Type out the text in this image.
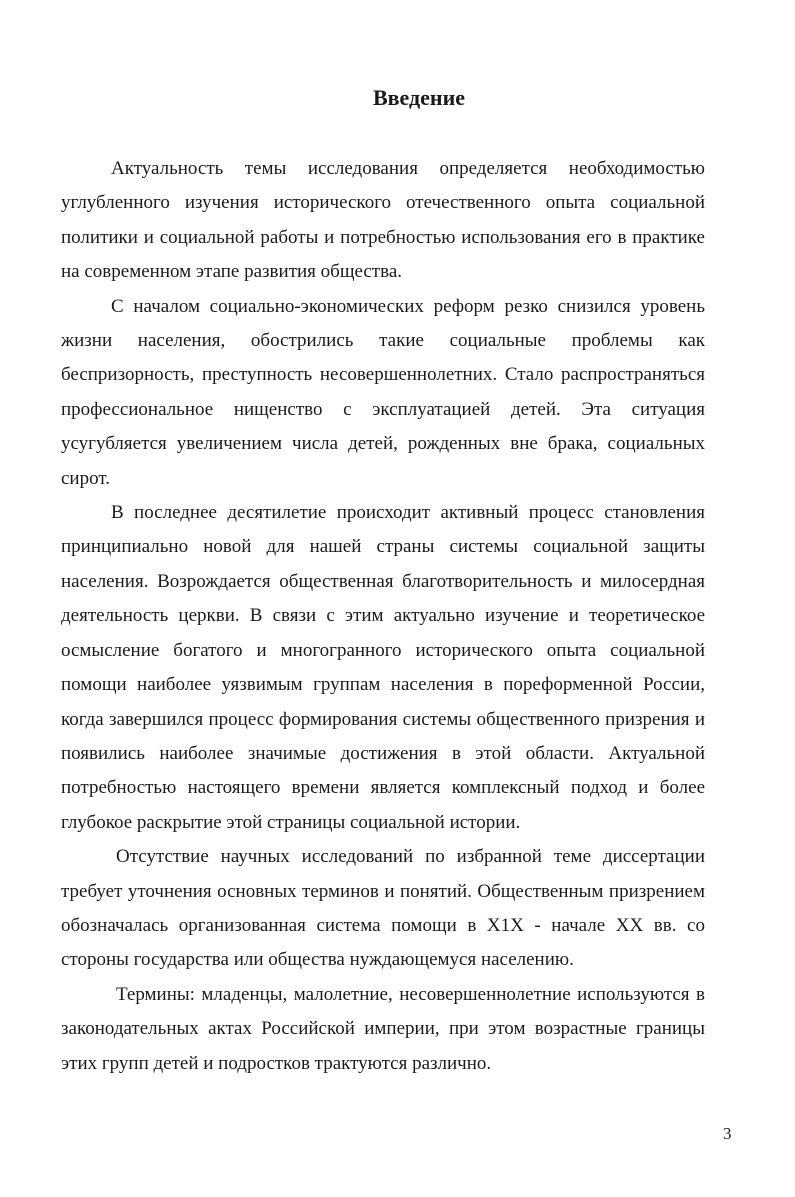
Введение

Актуальность темы исследования определяется необходимостью углубленного изучения исторического отечественного опыта социальной политики и социальной работы и потребностью использования его в практике на современном этапе развития общества.

С началом социально-экономических реформ резко снизился уровень жизни населения, обострились такие социальные проблемы как беспризорность, преступность несовершеннолетних. Стало распространяться профессиональное нищенство с эксплуатацией детей. Эта ситуация усугубляется увеличением числа детей, рожденных вне брака, социальных сирот.

В последнее десятилетие происходит активный процесс становления принципиально новой для нашей страны системы социальной защиты населения. Возрождается общественная благотворительность и милосердная деятельность церкви. В связи с этим актуально изучение и теоретическое осмысление богатого и многогранного исторического опыта социальной помощи наиболее уязвимым группам населения в пореформенной России, когда завершился процесс формирования системы общественного призрения и появились наиболее значимые достижения в этой области. Актуальной потребностью настоящего времени является комплексный подход и более глубокое раскрытие этой страницы социальной истории.

Отсутствие научных исследований по избранной теме диссертации требует уточнения основных терминов и понятий. Общественным призрением обозначалась организованная система помощи в Х1Х - начале XX вв. со стороны государства или общества нуждающемуся населению.

Термины: младенцы, малолетние, несовершеннолетние используются в законодательных актах Российской империи, при этом возрастные границы этих групп детей и подростков трактуются различно.

3
